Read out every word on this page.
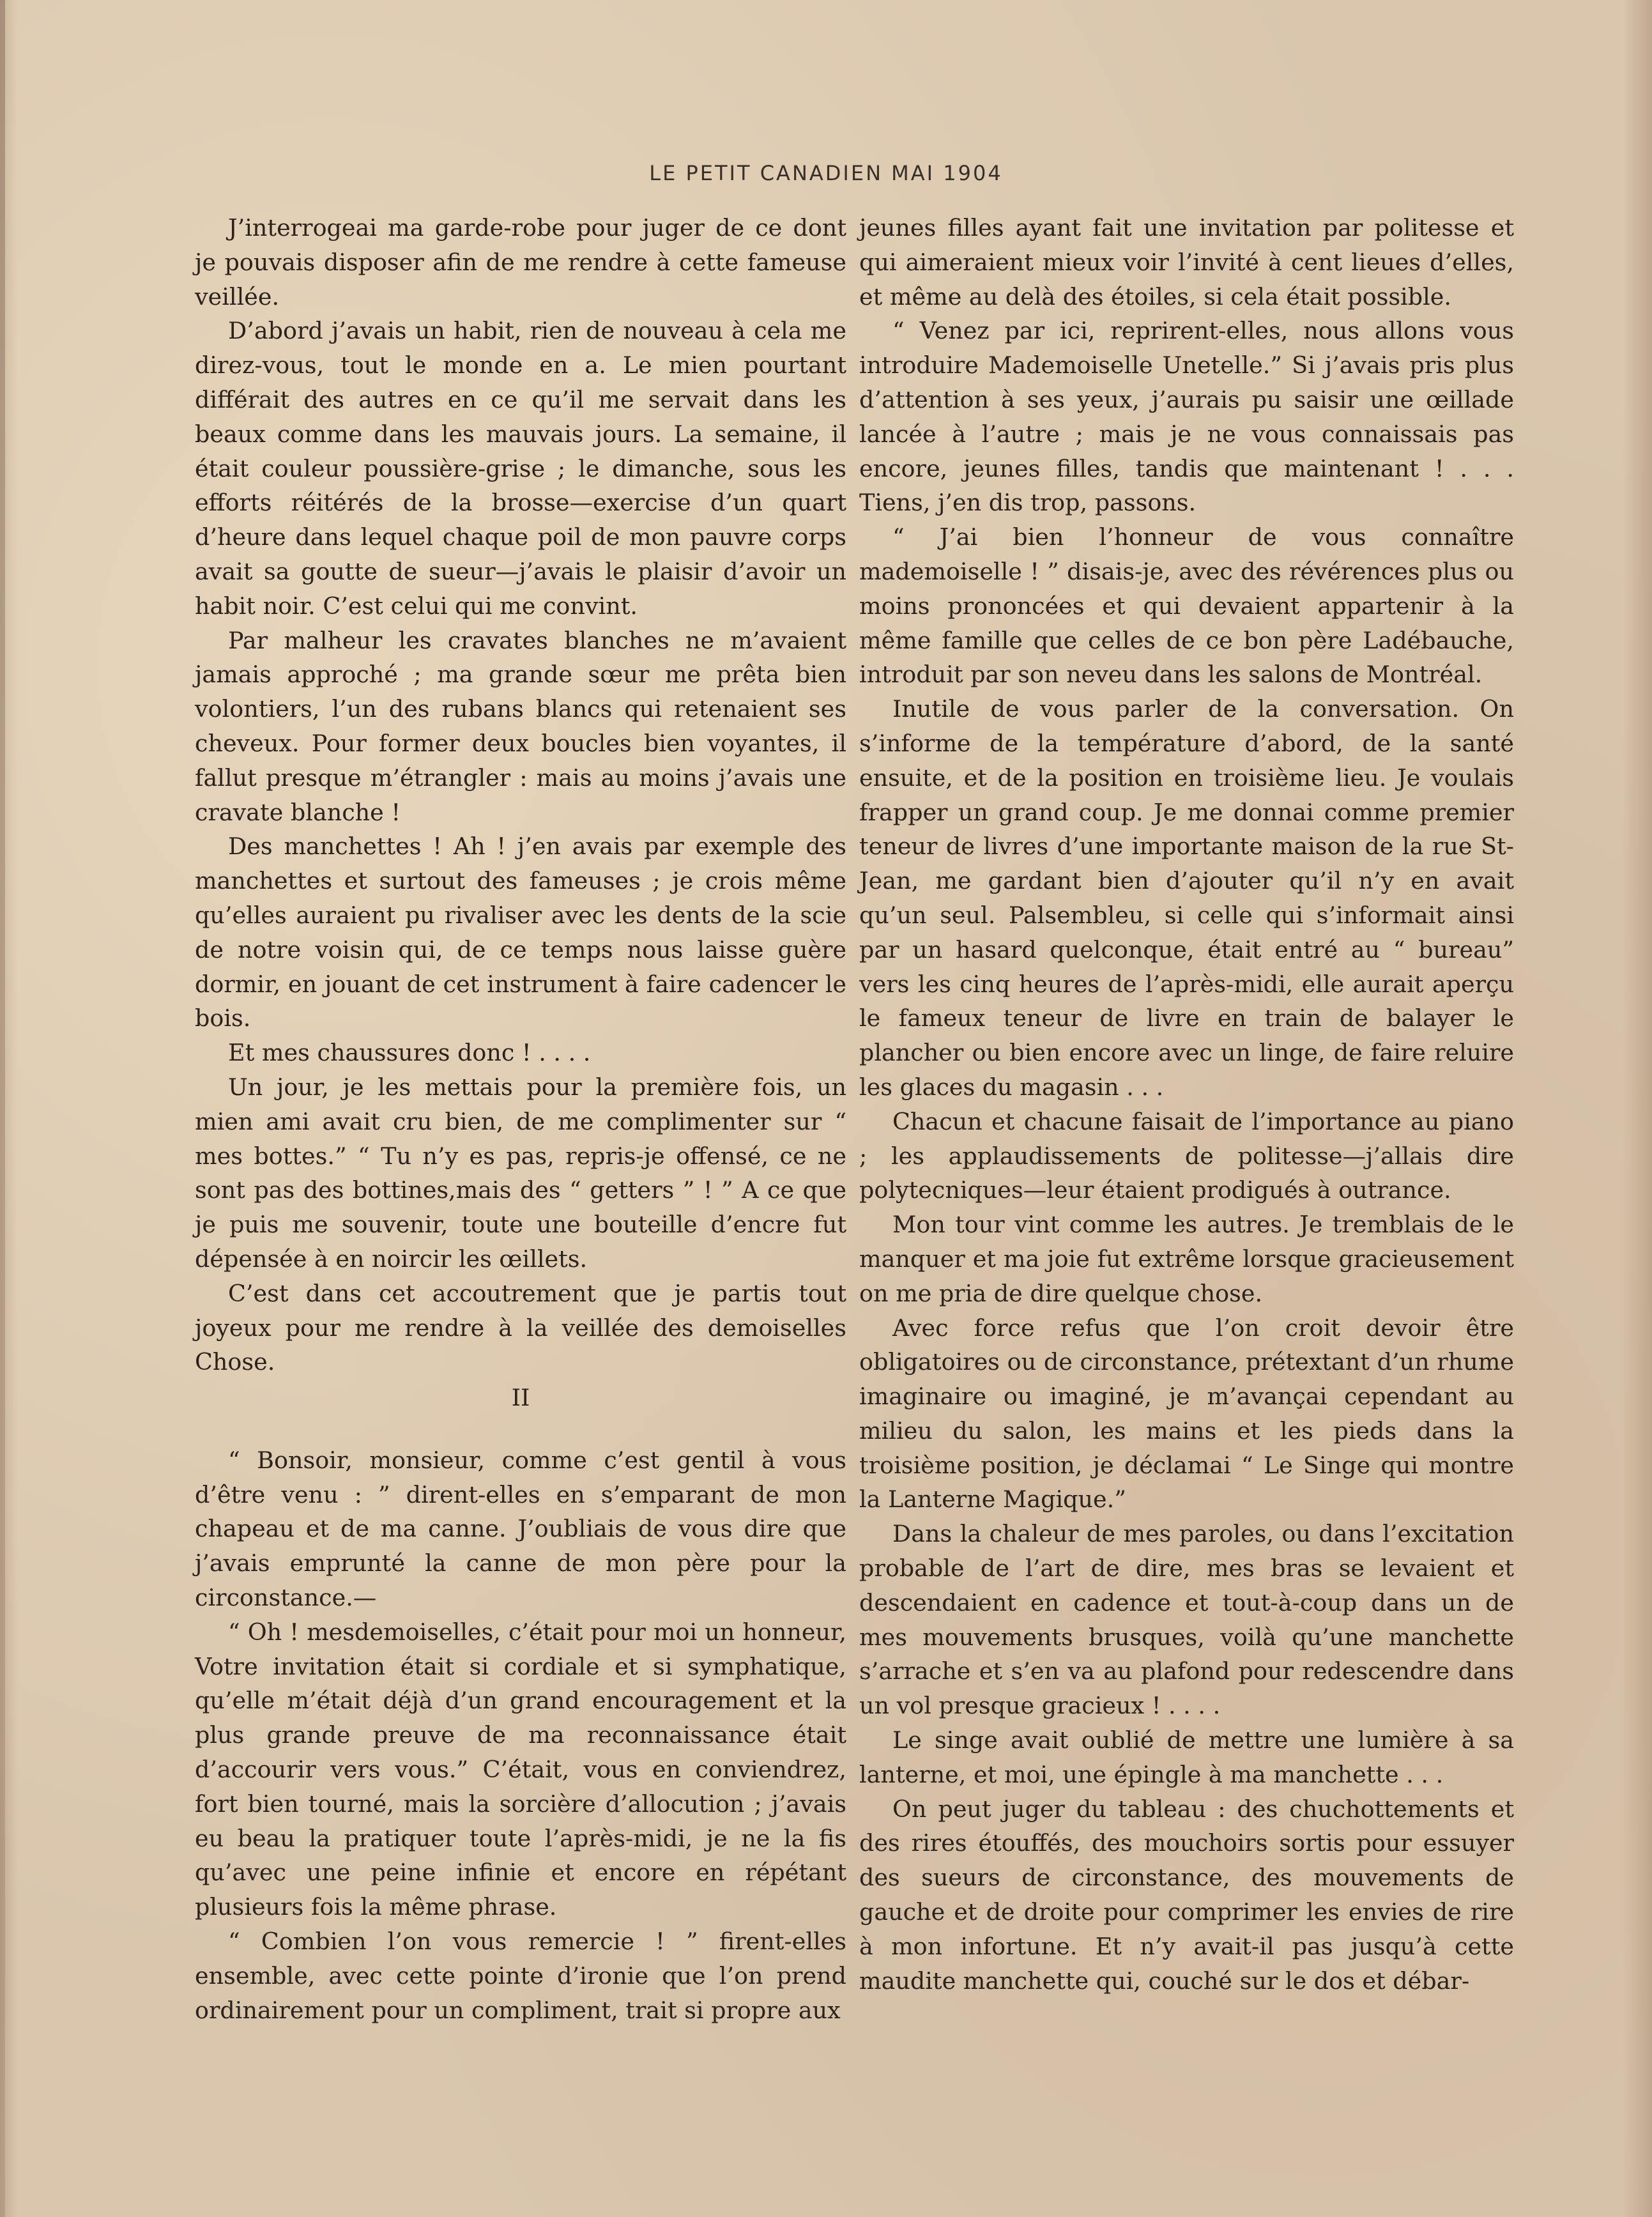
LE PETIT CANADIEN MAI 1904

J’interrogeai ma garde-robe pour juger de ce dont je pouvais disposer afin de me rendre à cette fameuse veillée.

D’abord j’avais un habit, rien de nouveau à cela me direz-vous, tout le monde en a. Le mien pourtant différait des autres en ce qu’il me servait dans les beaux comme dans les mauvais jours. La semaine, il était couleur poussière-grise ; le dimanche, sous les efforts réitérés de la brosse—exercise d’un quart d’heure dans lequel chaque poil de mon pauvre corps avait sa goutte de sueur—j’avais le plaisir d’avoir un habit noir. C’est celui qui me convint.

Par malheur les cravates blanches ne m’avaient jamais approché ; ma grande sœur me prêta bien volontiers, l’un des rubans blancs qui retenaient ses cheveux. Pour former deux boucles bien voyantes, il fallut presque m’étrangler : mais au moins j’avais une cravate blanche !

Des manchettes ! Ah ! j’en avais par exemple des manchettes et surtout des fameuses ; je crois même qu’elles auraient pu rivaliser avec les dents de la scie de notre voisin qui, de ce temps nous laisse guère dormir, en jouant de cet instrument à faire cadencer le bois.

Et mes chaussures donc ! . . . .

Un jour, je les mettais pour la première fois, un mien ami avait cru bien, de me complimenter sur “ mes bottes.” “ Tu n’y es pas, repris-je offensé, ce ne sont pas des bottines,mais des “ getters ” ! ” A ce que je puis me souvenir, toute une bouteille d’encre fut dépensée à en noircir les œillets.

C’est dans cet accoutrement que je partis tout joyeux pour me rendre à la veillée des demoiselles Chose.

II

“ Bonsoir, monsieur, comme c’est gentil à vous d’être venu : ” dirent-elles en s’emparant de mon chapeau et de ma canne. J’oubliais de vous dire que j’avais emprunté la canne de mon père pour la circonstance.—

“ Oh ! mesdemoiselles, c’était pour moi un honneur, Votre invitation était si cordiale et si symphatique, qu’elle m’était déjà d’un grand encouragement et la plus grande preuve de ma reconnaissance était d’accourir vers vous.” C’était, vous en conviendrez, fort bien tourné, mais la sorcière d’allocution ; j’avais eu beau la pratiquer toute l’après-midi, je ne la fis qu’avec une peine infinie et encore en répétant plusieurs fois la même phrase.

“ Combien l’on vous remercie ! ” firent-elles ensemble, avec cette pointe d’ironie que l’on prend ordinairement pour un compliment, trait si propre aux

jeunes filles ayant fait une invitation par politesse et qui aimeraient mieux voir l’invité à cent lieues d’elles, et même au delà des étoiles, si cela était possible.

“ Venez par ici, reprirent-elles, nous allons vous introduire Mademoiselle Unetelle.” Si j’avais pris plus d’attention à ses yeux, j’aurais pu saisir une œillade lancée à l’autre ; mais je ne vous connaissais pas encore, jeunes filles, tandis que maintenant ! . . . Tiens, j’en dis trop, passons.

“ J’ai bien l’honneur de vous connaître mademoiselle ! ” disais-je, avec des révérences plus ou moins prononcées et qui devaient appartenir à la même famille que celles de ce bon père Ladébauche, introduit par son neveu dans les salons de Montréal.

Inutile de vous parler de la conversation. On s’informe de la température d’abord, de la santé ensuite, et de la position en troisième lieu. Je voulais frapper un grand coup. Je me donnai comme premier teneur de livres d’une importante maison de la rue St-Jean, me gardant bien d’ajouter qu’il n’y en avait qu’un seul. Palsembleu, si celle qui s’informait ainsi par un hasard quelconque, était entré au “ bureau” vers les cinq heures de l’après-midi, elle aurait aperçu le fameux teneur de livre en train de balayer le plancher ou bien encore avec un linge, de faire reluire les glaces du magasin . . .

Chacun et chacune faisait de l’importance au piano ; les applaudissements de politesse—j’allais dire polytecniques—leur étaient prodigués à outrance.

Mon tour vint comme les autres. Je tremblais de le manquer et ma joie fut extrême lorsque gracieusement on me pria de dire quelque chose.

Avec force refus que l’on croit devoir être obligatoires ou de circonstance, prétextant d’un rhume imaginaire ou imaginé, je m’avançai cependant au milieu du salon, les mains et les pieds dans la troisième position, je déclamai “ Le Singe qui montre la Lanterne Magique.”

Dans la chaleur de mes paroles, ou dans l’excitation probable de l’art de dire, mes bras se levaient et descendaient en cadence et tout-à-coup dans un de mes mouvements brusques, voilà qu’une manchette s’arrache et s’en va au plafond pour redescendre dans un vol presque gracieux ! . . . .

Le singe avait oublié de mettre une lumière à sa lanterne, et moi, une épingle à ma manchette . . .

On peut juger du tableau : des chuchottements et des rires étouffés, des mouchoirs sortis pour essuyer des sueurs de circonstance, des mouvements de gauche et de droite pour comprimer les envies de rire à mon infortune. Et n’y avait-il pas jusqu’à cette maudite manchette qui, couché sur le dos et débar-
